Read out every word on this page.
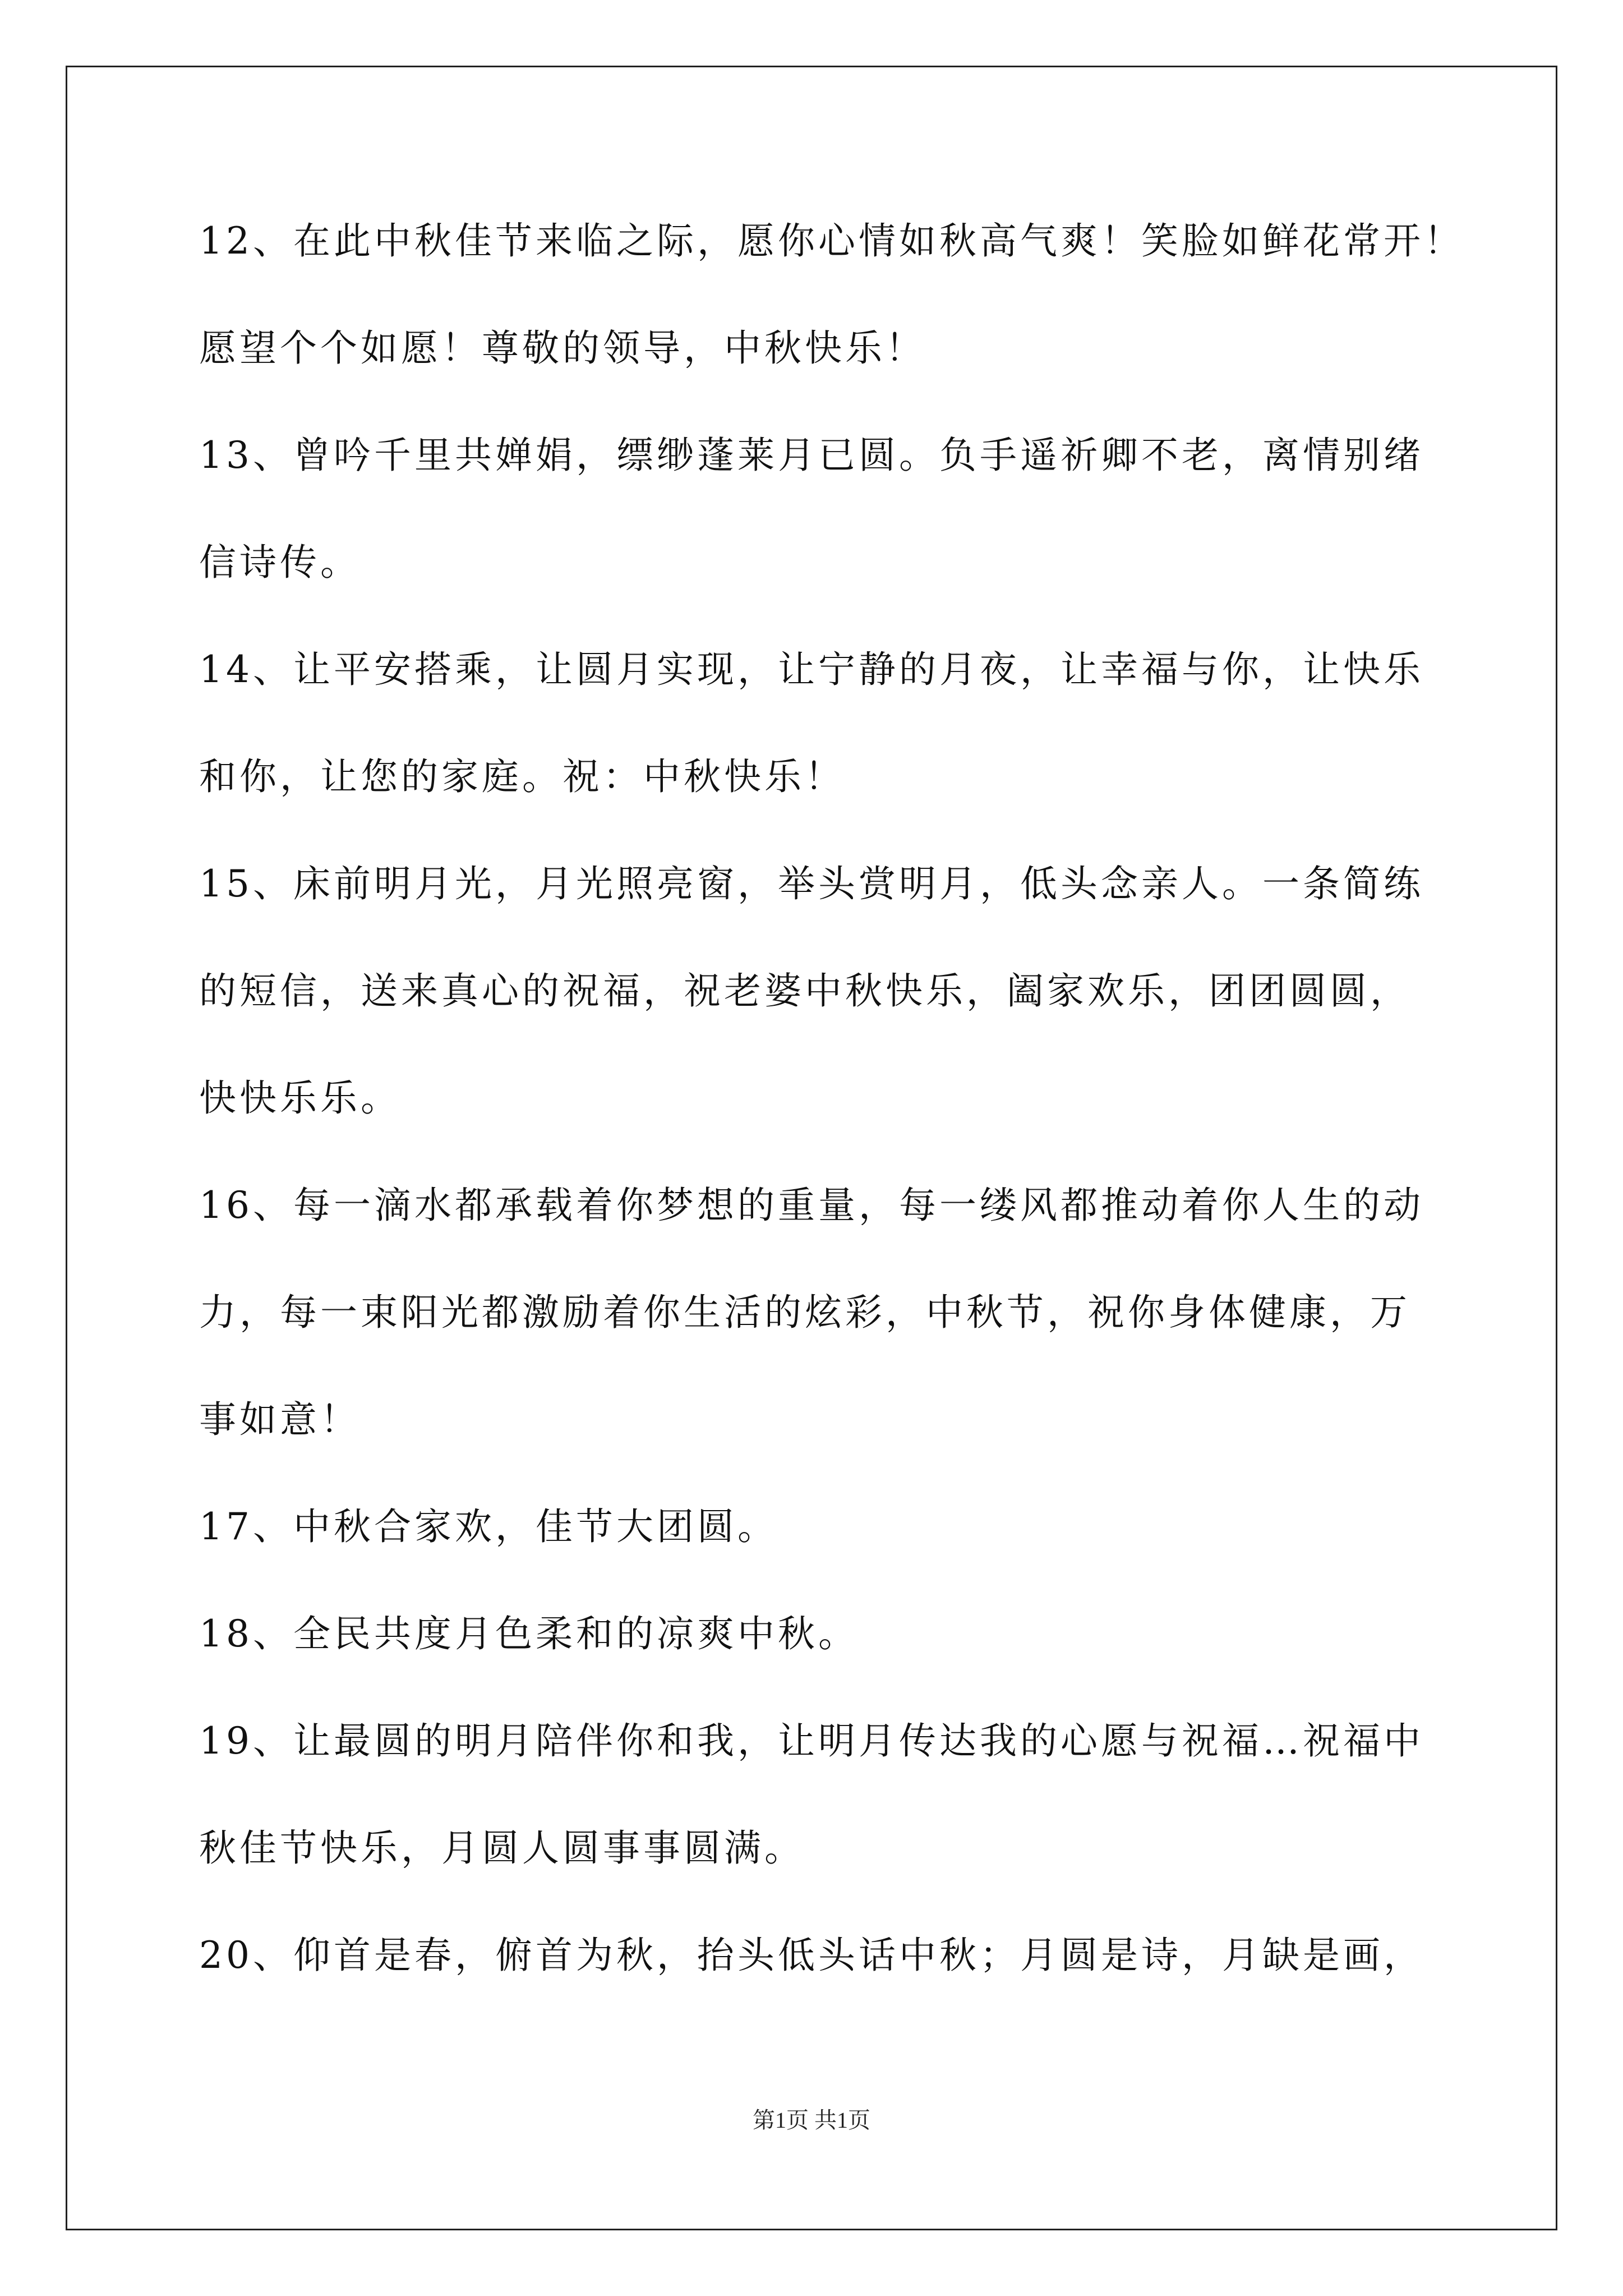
12、在此中秋佳节来临之际，愿你心情如秋高气爽！笑脸如鲜花常开！
愿望个个如愿！尊敬的领导，中秋快乐！
13、曾吟千里共婵娟，缥缈蓬莱月已圆。负手遥祈卿不老，离情别绪
信诗传。
14、让平安搭乘，让圆月实现，让宁静的月夜，让幸福与你，让快乐
和你，让您的家庭。祝：中秋快乐！
15、床前明月光，月光照亮窗，举头赏明月，低头念亲人。一条简练
的短信，送来真心的祝福，祝老婆中秋快乐，阖家欢乐，团团圆圆，
快快乐乐。
16、每一滴水都承载着你梦想的重量，每一缕风都推动着你人生的动
力，每一束阳光都激励着你生活的炫彩，中秋节，祝你身体健康，万
事如意！
17、中秋合家欢，佳节大团圆。
18、全民共度月色柔和的凉爽中秋。
19、让最圆的明月陪伴你和我，让明月传达我的心愿与祝福…祝福中
秋佳节快乐，月圆人圆事事圆满。
20、仰首是春，俯首为秋，抬头低头话中秋；月圆是诗，月缺是画，
第1页 共1页
